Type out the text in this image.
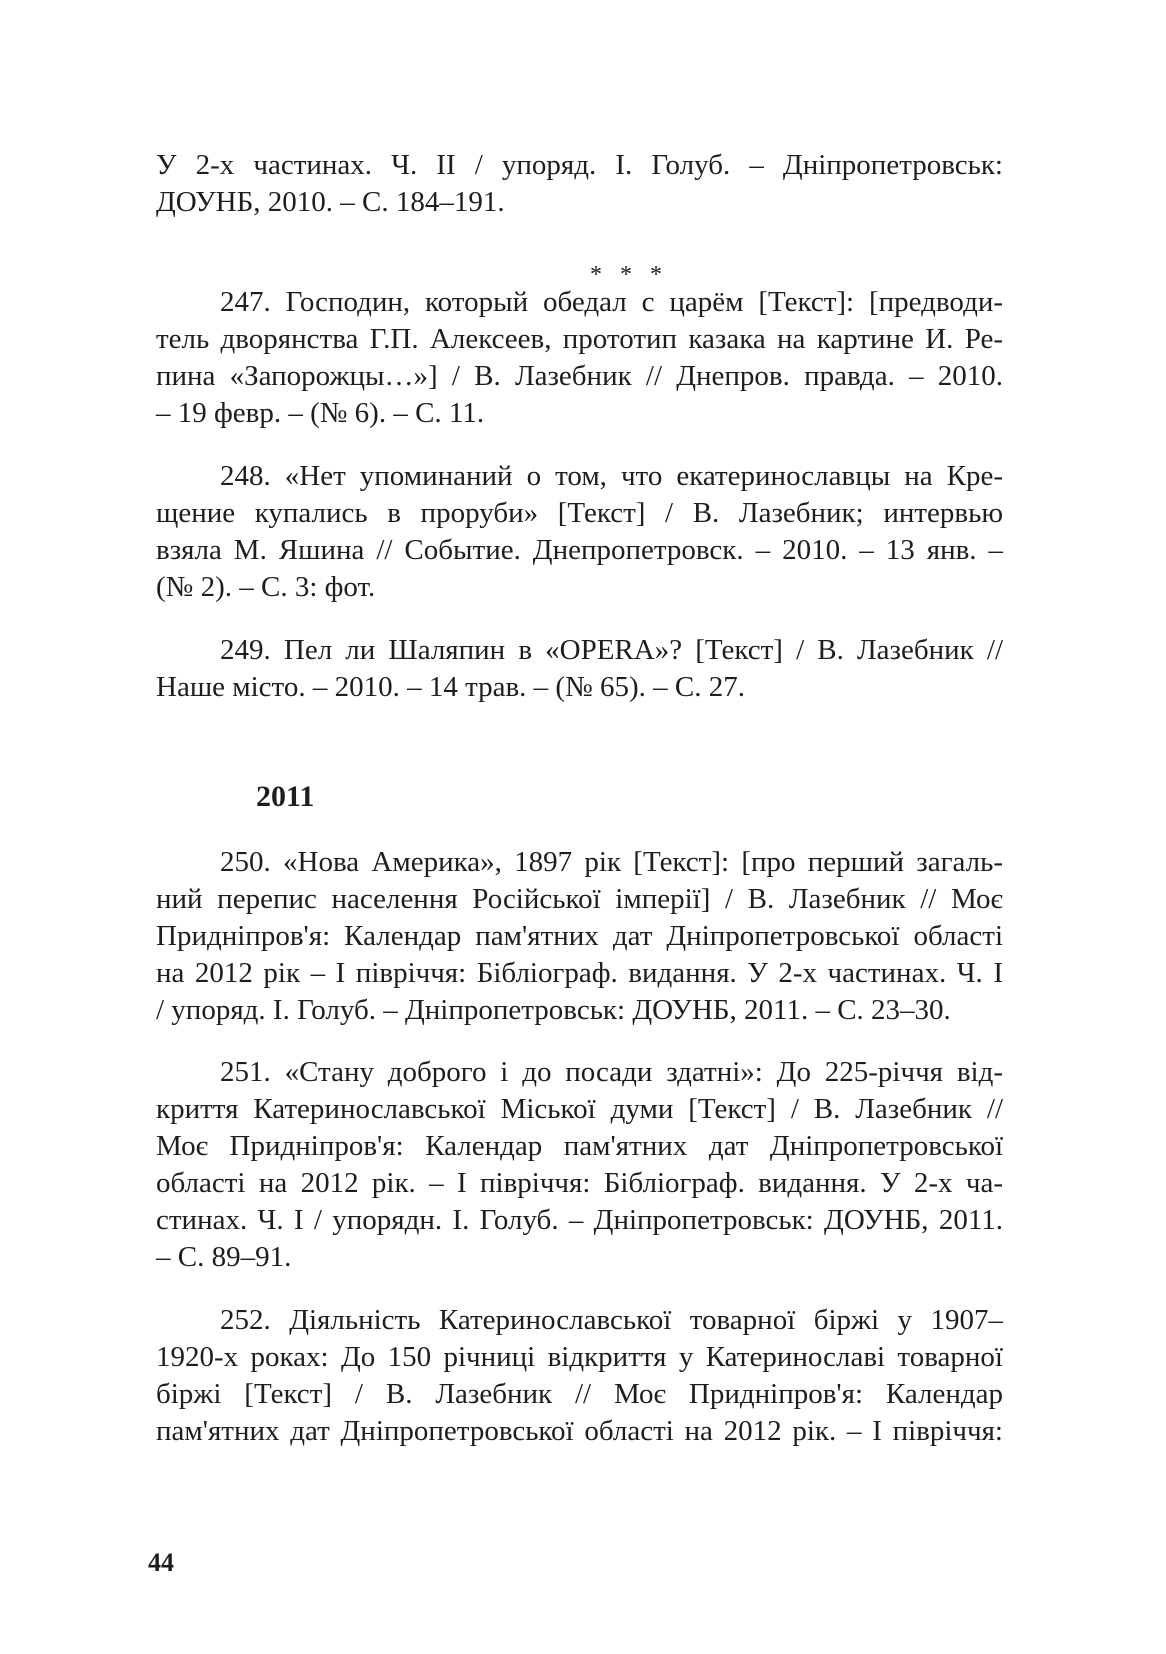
У 2-х частинах. Ч. ІІ / упоряд. І. Голуб. – Дніпропетровськ:
ДОУНБ, 2010. – С. 184–191.
* * *
247. Господин, который обедал с царём [Текст]: [предводи-
тель дворянства Г.П. Алексеев, прототип казака на картине И. Ре-
пина «Запорожцы…»] / В. Лазебник // Днепров. правда. – 2010.
– 19 февр. – (№ 6). – С. 11.
248. «Нет упоминаний о том, что екатеринославцы на Кре-
щение купались в проруби» [Текст] / В. Лазебник; интервью
взяла М. Яшина // Событие. Днепропетровск. – 2010. – 13 янв. –
(№ 2). – С. 3: фот.
249. Пел ли Шаляпин в «OPERA»? [Текст] / В. Лазебник //
Наше місто. – 2010. – 14 трав. – (№ 65). – С. 27.
2011
250. «Нова Америка», 1897 рік [Текст]: [про перший загаль-
ний перепис населення Російської імперії] / В. Лазебник // Моє
Придніпров'я: Календар пам'ятних дат Дніпропетровської області
на 2012 рік – І півріччя: Бібліограф. видання. У 2-х частинах. Ч. І
/ упоряд. І. Голуб. – Дніпропетровськ: ДОУНБ, 2011. – С. 23–30.
251. «Стану доброго і до посади здатні»: До 225-річчя від-
криття Катеринославської Міської думи [Текст] / В. Лазебник //
Моє Придніпров'я: Календар пам'ятних дат Дніпропетровської
області на 2012 рік. – І півріччя: Бібліограф. видання. У 2-х ча-
стинах. Ч. І / упорядн. І. Голуб. – Дніпропетровськ: ДОУНБ, 2011.
– С. 89–91.
252. Діяльність Катеринославської товарної біржі у 1907–
1920-х роках: До 150 річниці відкриття у Катеринославі товарної
біржі [Текст] / В. Лазебник // Моє Придніпров'я: Календар
пам'ятних дат Дніпропетровської області на 2012 рік. – І півріччя:
44
